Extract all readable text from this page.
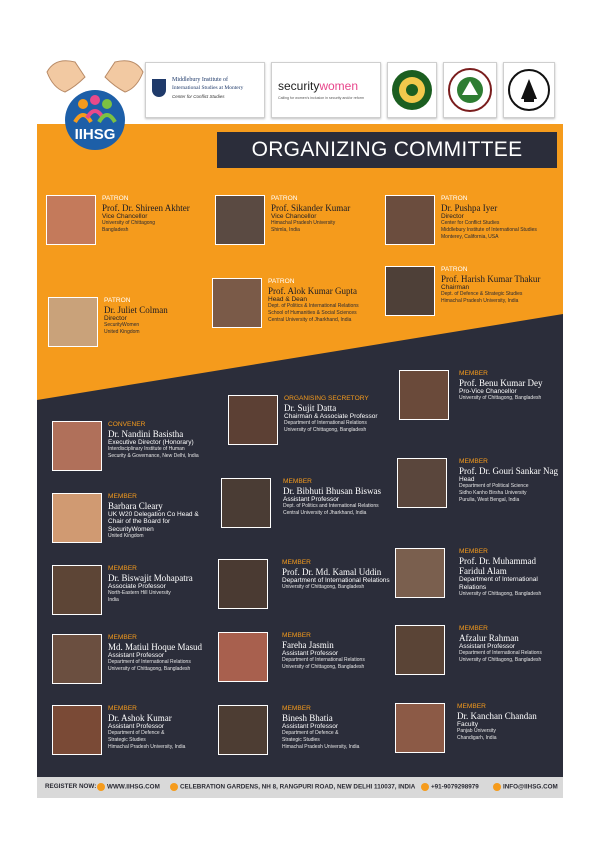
IIHSG
Middlebury Institute of
International Studies at Montery
Center for Conflict Studies
securitywomen
Calling for women's inclusion in security and/or reform
ORGANIZING COMMITTEE
PATRON
Prof. Dr. Shireen Akhter
Vice Chancellor
University of Chittagong
Bangladesh
PATRON
Prof. Sikander Kumar
Vice Chancellor
Himachal Pradesh University
Shimla, India
PATRON
Dr. Pushpa Iyer
Director
Center for Conflict Studies
Middlebury Institute of International Studies
Monterey, California, USA
PATRON
Dr. Juliet Colman
Director
SecurityWomen
United Kingdom
PATRON
Prof. Alok Kumar Gupta
Head & Dean
Dept. of Politics & International Relations
School of Humanities & Social Sciences
Central University of Jharkhand, India
PATRON
Prof. Harish Kumar Thakur
Chairman
Dept. of Defence & Strategic Studies
Himachal Pradesh University, India
MEMBER
Prof. Benu Kumar Dey
Pro-Vice Chancellor
University of Chittagong, Bangladesh
ORGANISING SECRETORY
Dr. Sujit Datta
Chairman & Associate Professor
Department of International Relations
University of Chittagong, Bangladesh
CONVENER
Dr. Nandini Basistha
Executive Director (Honorary)
Interdisciplinary Institute of Human
Security & Governance, New Delhi, India
MEMBER
Prof. Dr. Gouri Sankar Nag
Head
Department of Political Science
Sidho Kanho Birsha University
Purulia, West Bengal, India
MEMBER
Dr. Bibhuti Bhusan Biswas
Assistant Professor
Dept. of Politics and International Relations
Central University of Jharkhand, India
MEMBER
Barbara Cleary
UK W20 Delegation Co Head & Chair of the Board for SecurityWomen
United Kingdom
MEMBER
Dr. Biswajit Mohapatra
Associate Professor
North-Eastern Hill University
India
MEMBER
Prof. Dr. Md. Kamal Uddin
Department of International Relations
University of Chittagong, Bangladesh
MEMBER
Prof. Dr. Muhammad Faridul Alam
Department of International Relations
University of Chittagong, Bangladesh
MEMBER
Md. Matiul Hoque Masud
Assistant Professor
Department of International Relations
University of Chittagong, Bangladesh
MEMBER
Fareha Jasmin
Assistant Professor
Department of International Relations
University of Chittagong, Bangladesh
MEMBER
Afzalur Rahman
Assistant Professor
Department of International Relations
University of Chittagong, Bangladesh
MEMBER
Dr. Ashok Kumar
Assistant Professor
Department of Defence &
Strategic Studies
Himachal Pradesh University, India
MEMBER
Binesh Bhatia
Assistant Professor
Department of Defence &
Strategic Studies
Himachal Pradesh University, India
MEMBER
Dr. Kanchan Chandan
Faculty
Panjab University
Chandigarh, India
REGISTER NOW:	WWW.IIHSG.COM	CELEBRATION GARDENS, NH 8, RANGPURI ROAD, NEW DELHI 110037, INDIA	+91-9079298979	INFO@IIHSG.COM
